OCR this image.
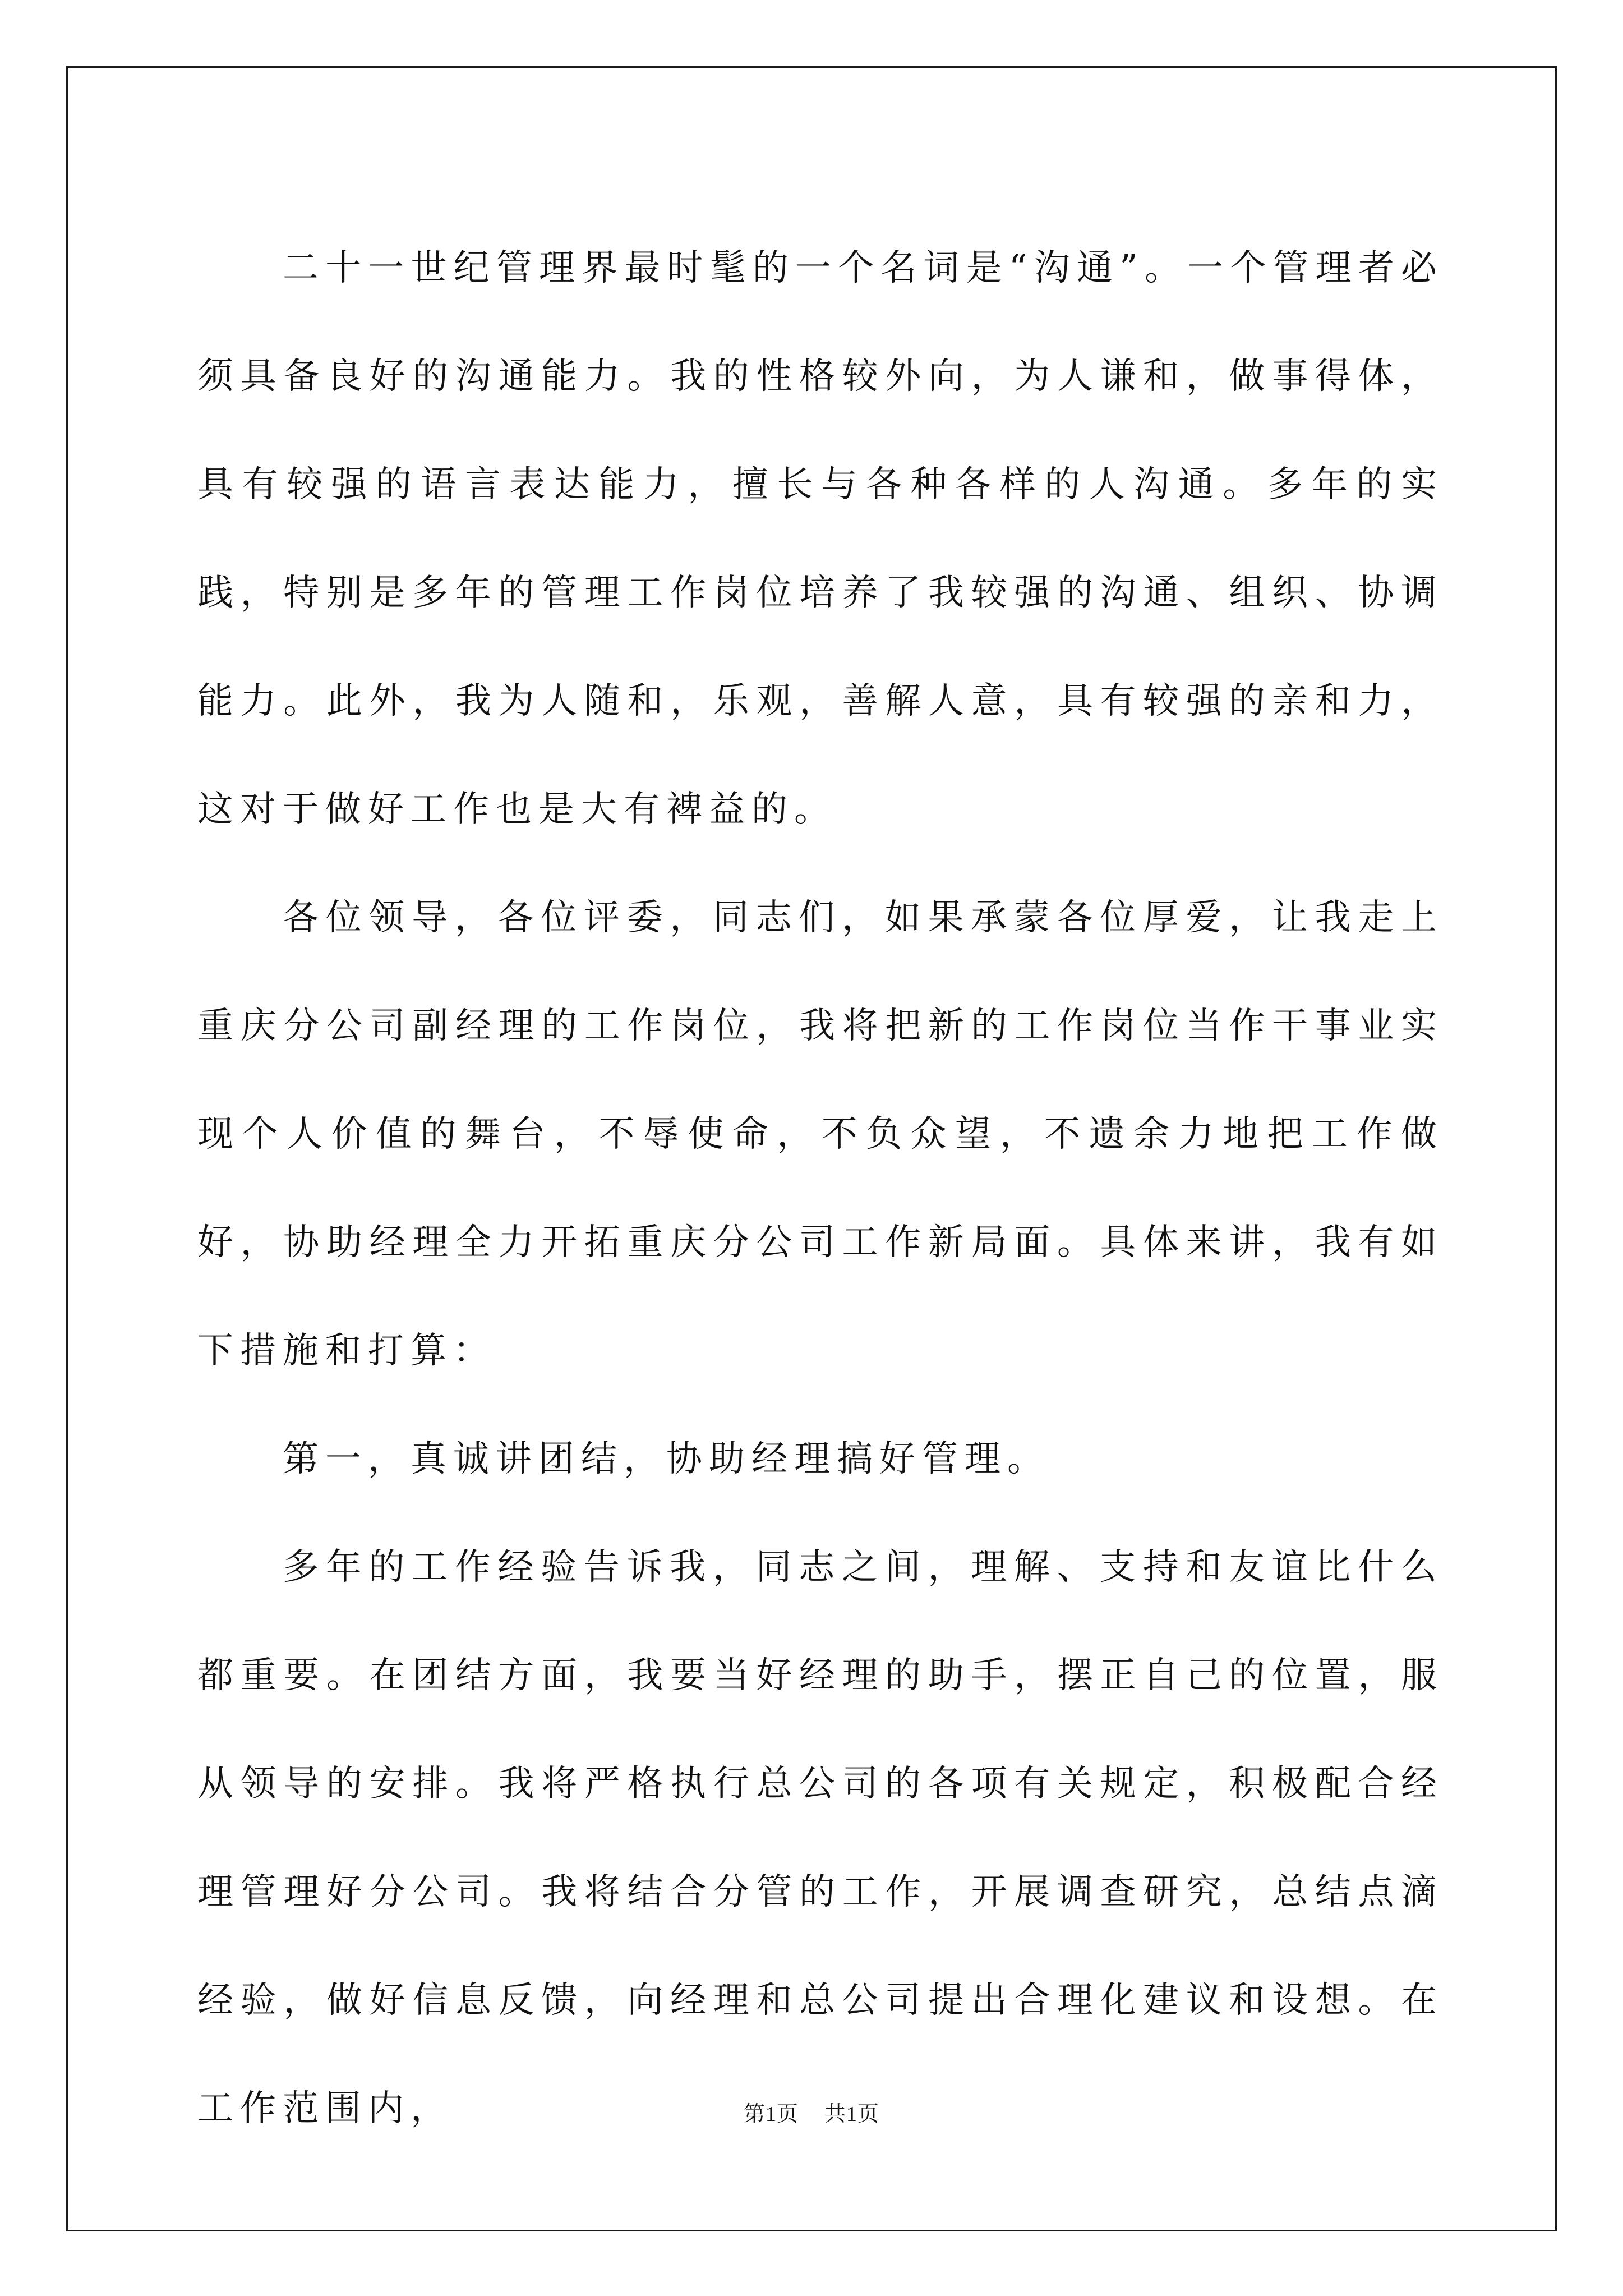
二十一世纪管理界最时髦的一个名词是“沟通”。一个管理者必须具备良好的沟通能力。我的性格较外向，为人谦和，做事得体，具有较强的语言表达能力，擅长与各种各样的人沟通。多年的实践，特别是多年的管理工作岗位培养了我较强的沟通、组织、协调能力。此外，我为人随和，乐观，善解人意，具有较强的亲和力，这对于做好工作也是大有裨益的。

各位领导，各位评委，同志们，如果承蒙各位厚爱，让我走上重庆分公司副经理的工作岗位，我将把新的工作岗位当作干事业实现个人价值的舞台，不辱使命，不负众望，不遗余力地把工作做好，协助经理全力开拓重庆分公司工作新局面。具体来讲，我有如下措施和打算：

第一，真诚讲团结，协助经理搞好管理。

多年的工作经验告诉我，同志之间，理解、支持和友谊比什么都重要。在团结方面，我要当好经理的助手，摆正自己的位置，服从领导的安排。我将严格执行总公司的各项有关规定，积极配合经理管理好分公司。我将结合分管的工作，开展调查研究，总结点滴经验，做好信息反馈，向经理和总公司提出合理化建议和设想。在工作范围内，	第1页 共1页
